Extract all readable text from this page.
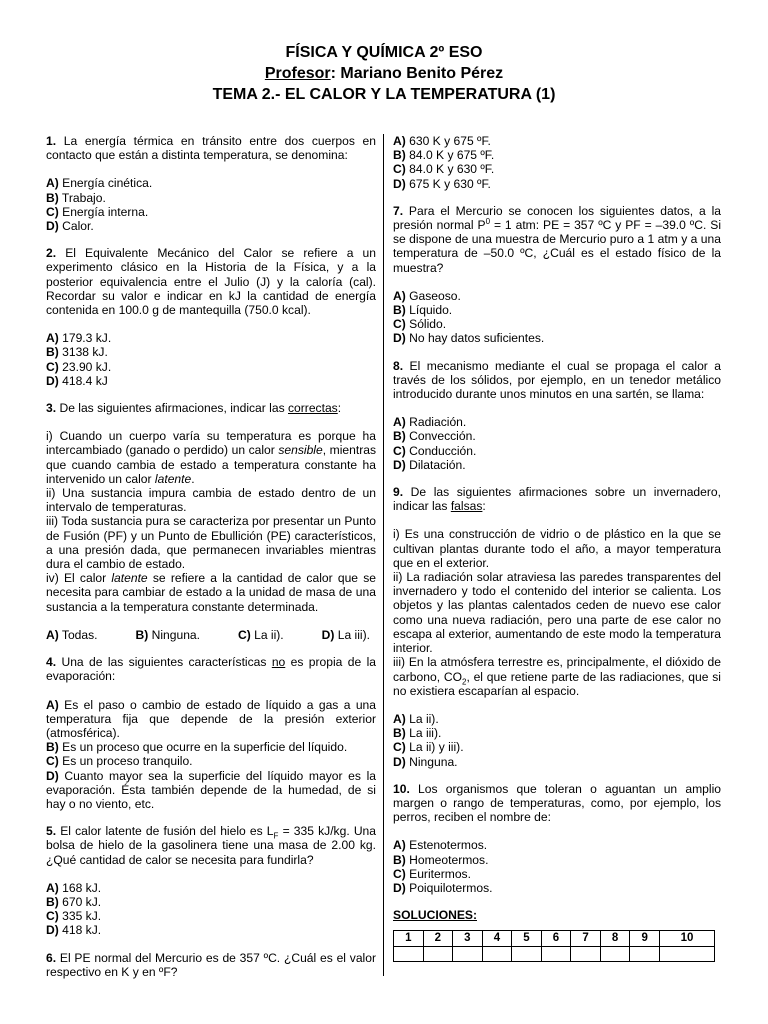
FÍSICA Y QUÍMICA 2º ESO
Profesor: Mariano Benito Pérez
TEMA 2.- EL CALOR Y LA TEMPERATURA (1)

1. La energía térmica en tránsito entre dos cuerpos en contacto que están a distinta temperatura, se denomina:

A) Energía cinética.

B) Trabajo.

C) Energía interna.

D) Calor.

2. El Equivalente Mecánico del Calor se refiere a un experimento clásico en la Historia de la Física, y a la posterior equivalencia entre el Julio (J) y la caloría (cal). Recordar su valor e indicar en kJ la cantidad de energía contenida en 100.0 g de mantequilla (750.0 kcal).

A) 179.3 kJ.

B) 3138 kJ.

C) 23.90 kJ.

D) 418.4 kJ

3. De las siguientes afirmaciones, indicar las correctas:

i) Cuando un cuerpo varía su temperatura es porque ha intercambiado (ganado o perdido) un calor sensible, mientras que cuando cambia de estado a temperatura constante ha intervenido un calor latente.

ii) Una sustancia impura cambia de estado dentro de un intervalo de temperaturas.

iii) Toda sustancia pura se caracteriza por presentar un Punto de Fusión (PF) y un Punto de Ebullición (PE) característicos, a una presión dada, que permanecen invariables mientras dura el cambio de estado.

iv) El calor latente se refiere a la cantidad de calor que se necesita para cambiar de estado a la unidad de masa de una sustancia a la temperatura constante determinada.

A) Todas.	B) Ninguna.	C) La ii).	D) La iii).

4. Una de las siguientes características no es propia de la evaporación:

A) Es el paso o cambio de estado de líquido a gas a una temperatura fija que depende de la presión exterior (atmosférica).

B) Es un proceso que ocurre en la superficie del líquido.

C) Es un proceso tranquilo.

D) Cuanto mayor sea la superficie del líquido mayor es la evaporación. Ésta también depende de la humedad, de si hay o no viento, etc.

5. El calor latente de fusión del hielo es $L_F = 335$ kJ/kg. Una bolsa de hielo de la gasolinera tiene una masa de 2.00 kg. ¿Qué cantidad de calor se necesita para fundirla?

A) 168 kJ.

B) 670 kJ.

C) 335 kJ.

D) 418 kJ.

6. El PE normal del Mercurio es de 357 ºC. ¿Cuál es el valor respectivo en K y en ºF?

A) 630 K y 675 ºF.

B) 84.0 K y 675 ºF.

C) 84.0 K y 630 ºF.

D) 675 K y 630 ºF.

7. Para el Mercurio se conocen los siguientes datos, a la presión normal $P^0 = 1$ atm: PE = 357 ºC y PF = –39.0 ºC. Si se dispone de una muestra de Mercurio puro a 1 atm y a una temperatura de –50.0 ºC, ¿Cuál es el estado físico de la muestra?

A) Gaseoso.

B) Líquido.

C) Sólido.

D) No hay datos suficientes.

8. El mecanismo mediante el cual se propaga el calor a través de los sólidos, por ejemplo, en un tenedor metálico introducido durante unos minutos en una sartén, se llama:

A) Radiación.

B) Convección.

C) Conducción.

D) Dilatación.

9. De las siguientes afirmaciones sobre un invernadero, indicar las falsas:

i) Es una construcción de vidrio o de plástico en la que se cultivan plantas durante todo el año, a mayor temperatura que en el exterior.

ii) La radiación solar atraviesa las paredes transparentes del invernadero y todo el contenido del interior se calienta. Los objetos y las plantas calentados ceden de nuevo ese calor como una nueva radiación, pero una parte de ese calor no escapa al exterior, aumentando de este modo la temperatura interior.

iii) En la atmósfera terrestre es, principalmente, el dióxido de carbono, $CO_2$, el que retiene parte de las radiaciones, que si no existiera escaparían al espacio.

A) La ii).

B) La iii).

C) La ii) y iii).

D) Ninguna.

10. Los organismos que toleran o aguantan un amplio margen o rango de temperaturas, como, por ejemplo, los perros, reciben el nombre de:

A) Estenotermos.

B) Homeotermos.

C) Euritermos.

D) Poiquilotermos.

SOLUCIONES:
1	2	3	4	5	6	7	8	9	10
